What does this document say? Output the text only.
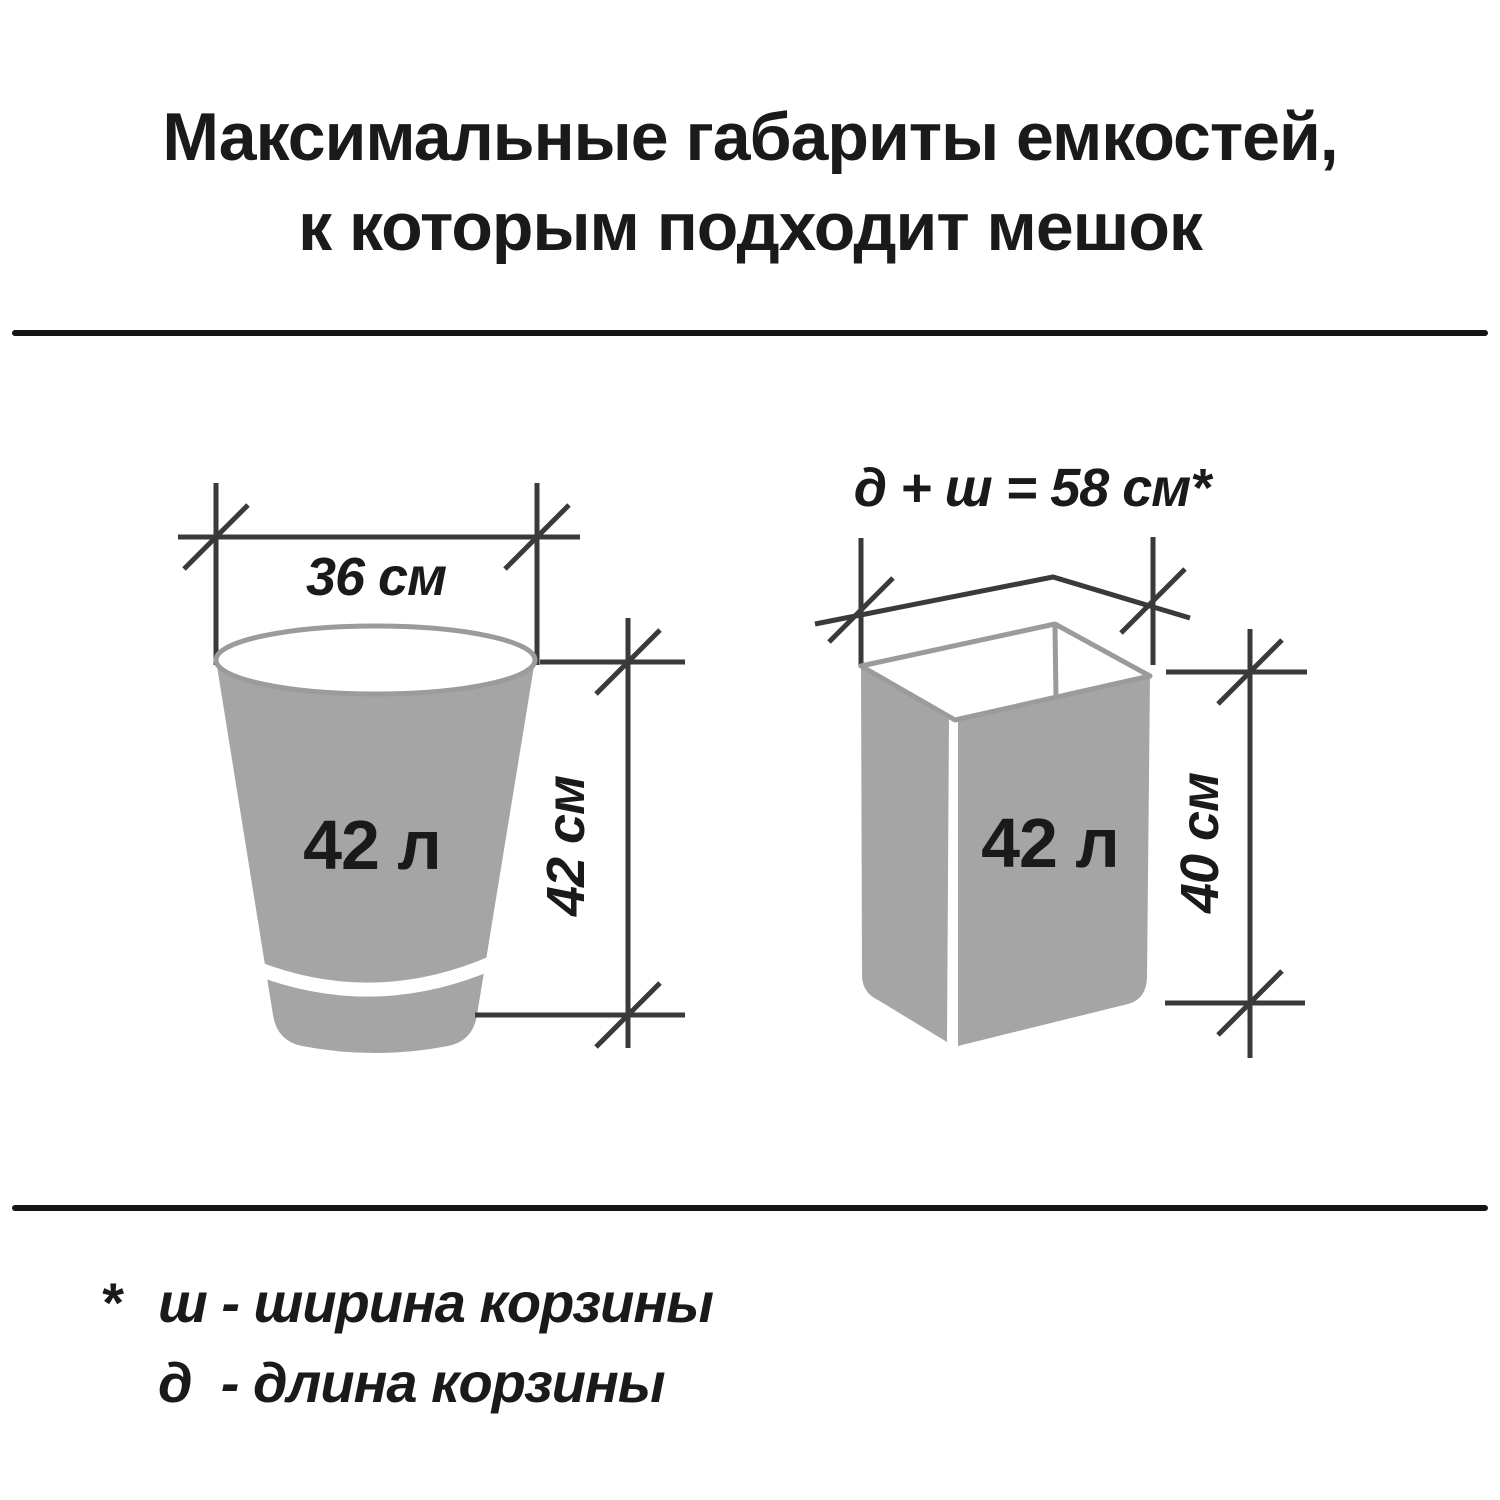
Максимальные габариты емкостей,
к которым подходит мешок
36 см
42 л 42 см
д + ш = 58 см*
42 л 40 см
* ш - ширина корзины
д  - длина корзины
